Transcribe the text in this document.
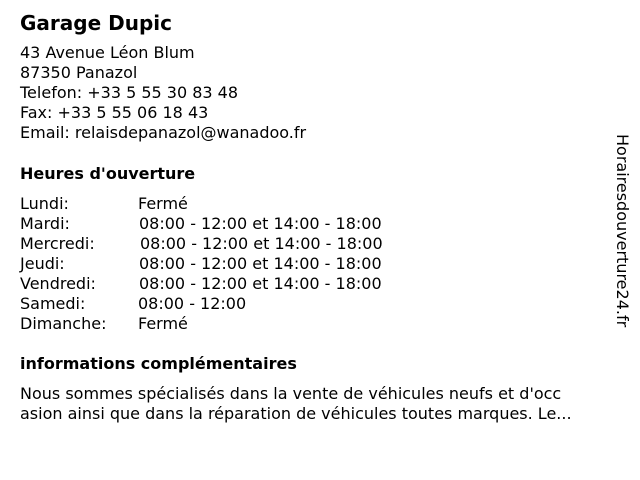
Garage Dupic
43 Avenue Léon Blum
87350 Panazol
Telefon: +33 5 55 30 83 48
Fax: +33 5 55 06 18 43
Email: relaisdepanazol@wanadoo.fr
Heures d'ouverture
Lundi:	Fermé
Mardi:	08:00 - 12:00 et 14:00 - 18:00
Mercredi:	08:00 - 12:00 et 14:00 - 18:00
Jeudi:	08:00 - 12:00 et 14:00 - 18:00
Vendredi:	08:00 - 12:00 et 14:00 - 18:00
Samedi:	08:00 - 12:00
Dimanche: Fermé
informations complémentaires
Nous sommes spécialisés dans la vente de véhicules neufs et d'occ
asion ainsi que dans la réparation de véhicules toutes marques. Le...
Horairesdouverture24.fr
